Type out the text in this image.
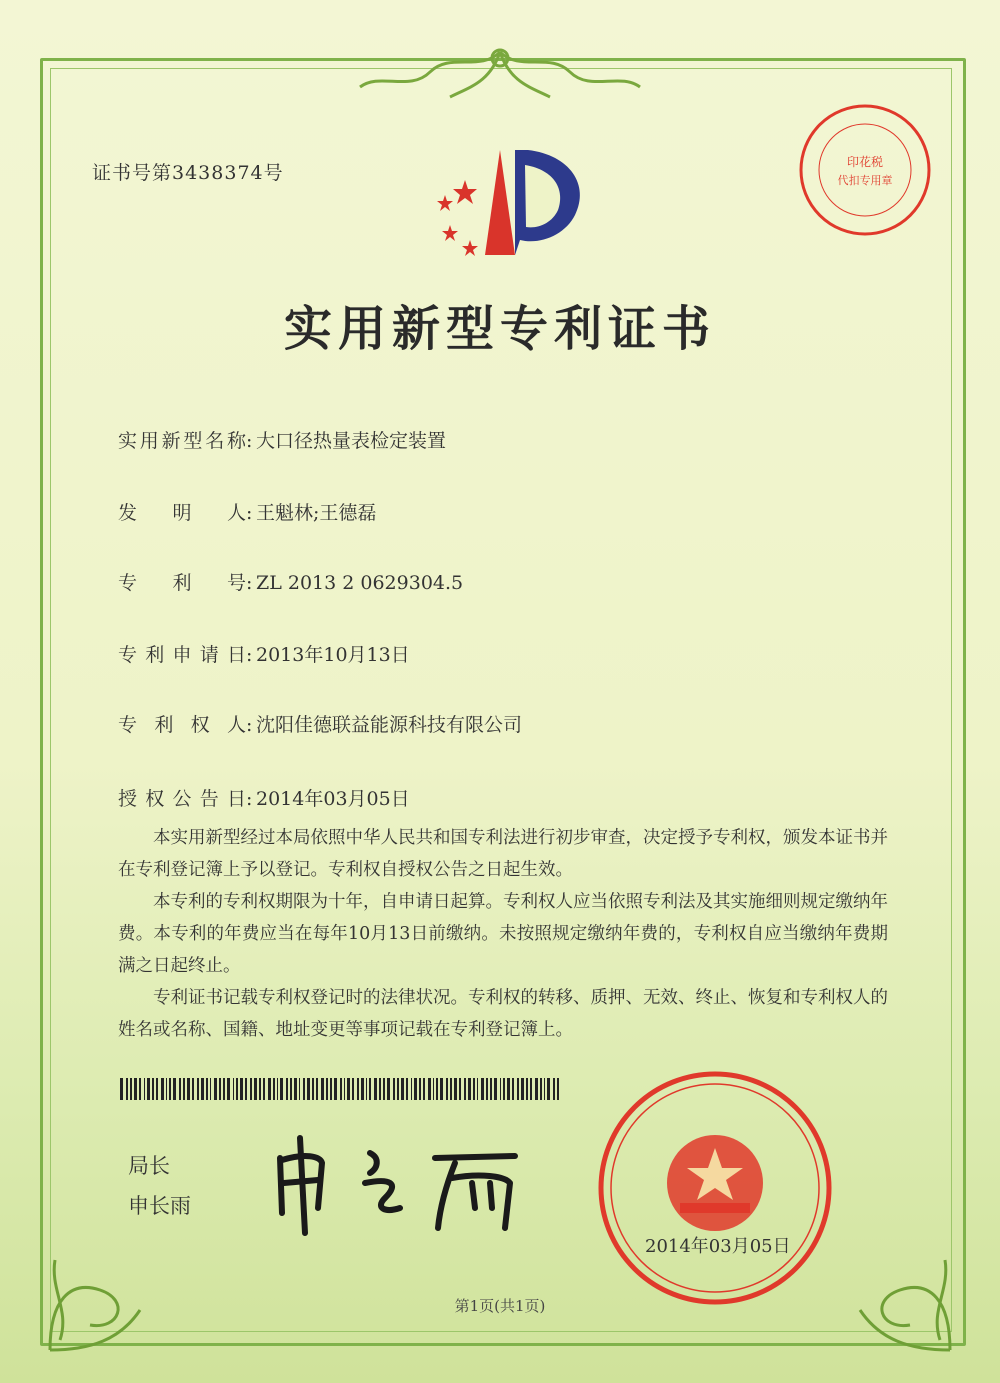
证书号第3438374号	印花税
代扣专用章
实用新型专利证书
实用新型名称: 大口径热量表检定装置
发明人: 王魁林;王德磊
专利号: ZL 2013 2 0629304.5
专利申请日: 2013年10月13日
专利权人: 沈阳佳德联益能源科技有限公司
授权公告日: 2014年03月05日

本实用新型经过本局依照中华人民共和国专利法进行初步审查，决定授予专利权，颁发本证书并在专利登记簿上予以登记。专利权自授权公告之日起生效。

本专利的专利权期限为十年，自申请日起算。专利权人应当依照专利法及其实施细则规定缴纳年费。本专利的年费应当在每年10月13日前缴纳。未按照规定缴纳年费的，专利权自应当缴纳年费期满之日起终止。

专利证书记载专利权登记时的法律状况。专利权的转移、质押、无效、终止、恢复和专利权人的姓名或名称、国籍、地址变更等事项记载在专利登记簿上。

局长
申长雨
2014年03月05日
第1页(共1页)
